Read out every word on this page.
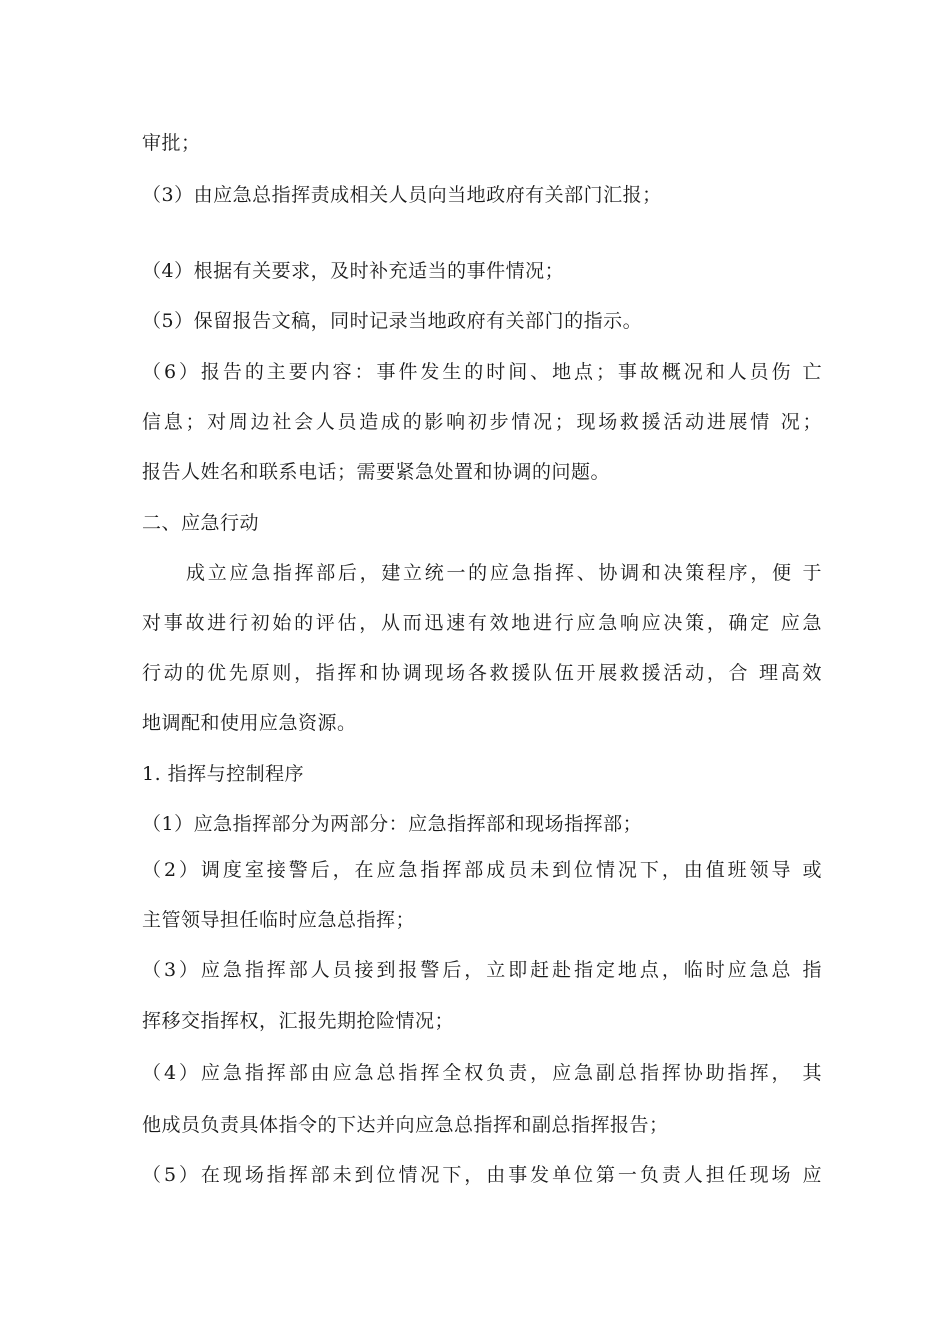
审批；
（3）由应急总指挥责成相关人员向当地政府有关部门汇报；
（4）根据有关要求，及时补充适当的事件情况；
（5）保留报告文稿，同时记录当地政府有关部门的指示。
（6）报告的主要内容：事件发生的时间、地点；事故概况和人员伤 亡
信息；对周边社会人员造成的影响初步情况；现场救援活动进展情 况；
报告人姓名和联系电话；需要紧急处置和协调的问题。
二、应急行动
成立应急指挥部后，建立统一的应急指挥、协调和决策程序，便 于
对事故进行初始的评估，从而迅速有效地进行应急响应决策，确定 应急
行动的优先原则，指挥和协调现场各救援队伍开展救援活动，合 理高效
地调配和使用应急资源。
1. 指挥与控制程序
（1）应急指挥部分为两部分：应急指挥部和现场指挥部；
（2）调度室接警后，在应急指挥部成员未到位情况下，由值班领导 或
主管领导担任临时应急总指挥；
（3）应急指挥部人员接到报警后，立即赶赴指定地点，临时应急总 指
挥移交指挥权，汇报先期抢险情况；
（4）应急指挥部由应急总指挥全权负责，应急副总指挥协助指挥， 其
他成员负责具体指令的下达并向应急总指挥和副总指挥报告；
（5）在现场指挥部未到位情况下，由事发单位第一负责人担任现场 应
